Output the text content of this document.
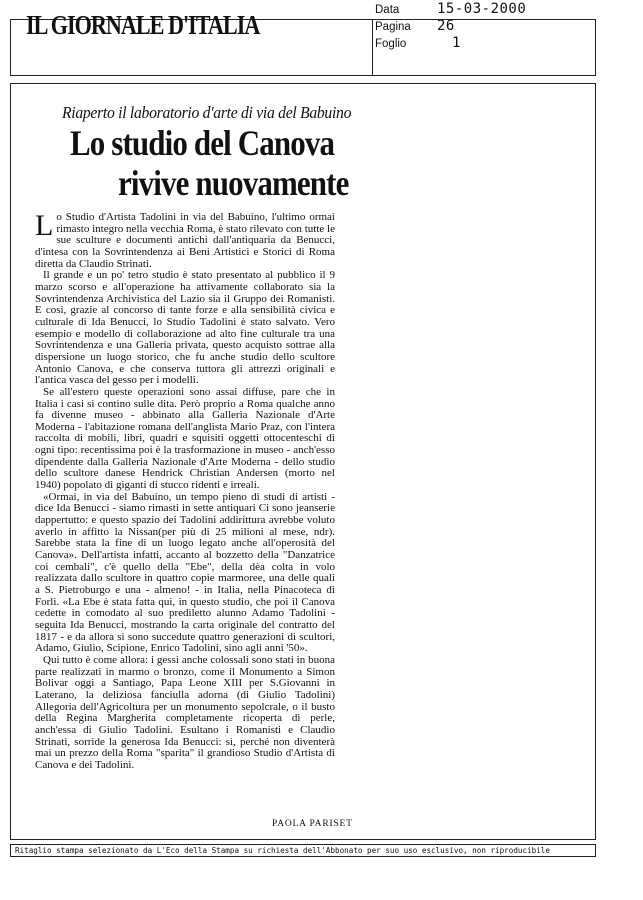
IL GIORNALE D'ITALIA	Data
Pagina
Foglio
15-03-2000
26
1
Riaperto il laboratorio d'arte di via del Babuino
Lo studio del Canova
rivive nuovamente

Lo Studio d'Artista Tadolini in via del Babuino, l'ultimo ormai rimasto integro nella vecchia Roma, è stato rilevato con tutte le sue sculture e documenti antichi dall'antiquaria da Benucci, d'intesa con la Sovrintendenza ai Beni Artistici e Storici di Roma diretta da Claudio Strinati.

Il grande e un po' tetro studio è stato presentato al pubblico il 9 marzo scorso e all'operazione ha attivamente collaborato sia la Sovrintendenza Archivistica del Lazio sia il Gruppo dei Romanisti. E così, grazie al concorso di tante forze e alla sensibilità civica e culturale di Ida Benucci, lo Studio Tadolini è stato salvato. Vero esempio e modello di collaborazione ad alto fine culturale tra una Sovrintendenza e una Galleria privata, questo acquisto sottrae alla dispersione un luogo storico, che fu anche studio dello scultore Antonio Canova, e che conserva tuttora gli attrezzi originali e l'antica vasca del gesso per i modelli.

Se all'estero queste operazioni sono assai diffuse, pare che in Italia i casi si contino sulle dita. Però proprio a Roma qualche anno fa divenne museo - abbinato alla Galleria Nazionale d'Arte Moderna - l'abitazione romana dell'anglista Mario Praz, con l'intera raccolta di mobili, libri, quadri e squisiti oggetti ottocenteschi di ogni tipo: recentissima poi è la trasformazione in museo - anch'esso dipendente dalla Galleria Nazionale d'Arte Moderna - dello studio dello scultore danese Hendrick Christian Andersen (morto nel 1940) popolato di giganti di stucco ridenti e irreali.

«Ormai, in via del Babuino, un tempo pieno di studi di artisti - dice Ida Benucci - siamo rimasti in sette antiquari Ci sono jeanserie dappertutto: e questo spazio dei Tadolini addirittura avrebbe voluto averlo in affitto la Nissan(per più di 25 milioni al mese, ndr). Sarebbe stata la fine di un luogo legato anche all'operosità del Canova». Dell'artista infatti, accanto al bozzetto della "Danzatrice coi cembali", c'è quello della "Ebe", della dèa colta in volo realizzata dallo scultore in quattro copie marmoree, una delle quali a S. Pietroburgo e una - almeno! - in Italia, nella Pinacoteca di Forlì. «La Ebe è stata fatta qui, in questo studio, che poi il Canova cedette in comodato al suo prediletto alunno Adamo Tadolini - seguita Ida Benucci, mostrando la carta originale del contratto del 1817 - e da allora si sono succedute quattro generazioni di scultori, Adamo, Giulio, Scipione, Enrico Tadolini, sino agli anni '50».

Qui tutto è come allora: i gessi anche colossali sono stati in buona parte realizzati in marmo o bronzo, come il Monumento a Simon Bolivar oggi a Santiago, Papa Leone XIII per S.Giovanni in Laterano, la deliziosa fanciulla adorna (di Giulio Tadolini) Allegoria dell'Agricoltura per un monumento sepolcrale, o il busto della Regina Margherita completamente ricoperta di perle, anch'essa di Giulio Tadolini. Esultano i Romanisti e Claudio Strinati, sorride la generosa Ida Benucci: sì, perché non diventerà mai un prezzo della Roma "sparita" il grandioso Studio d'Artista di Canova e dei Tadolini.

PAOLA PARISET
Ritaglio stampa selezionato da L'Eco della Stampa su richiesta dell'Abbonato per suo uso esclusivo, non riproducibile
